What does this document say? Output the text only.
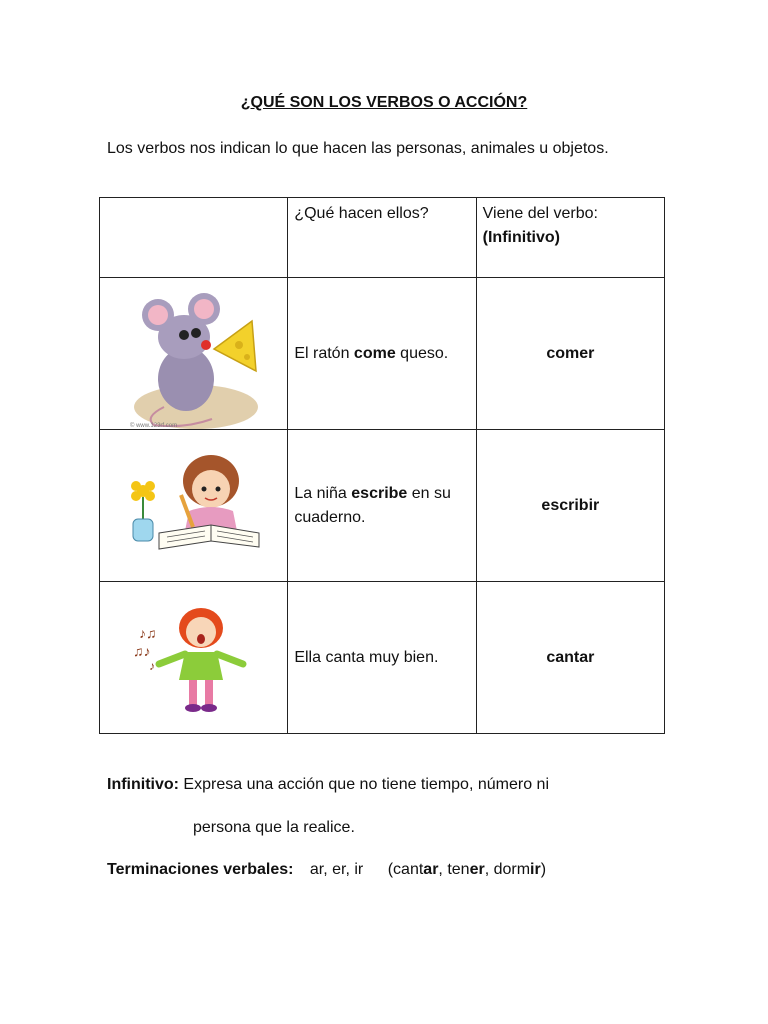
¿QUÉ SON LOS VERBOS O ACCIÓN?
Los verbos nos indican lo que hacen las personas, animales u objetos.
	¿Qué hacen ellos?	Viene del verbo:
(Infinitivo)

© www.123rf.com	El ratón come queso.	comer

	La niña escribe en su cuaderno.	escribir

♪♫
♫♪
♪	Ella canta muy bien.	cantar
Infinitivo: Expresa una acción que no tiene tiempo, número ni
persona que la realice.
Terminaciones verbales: ar, er, ir (cantar, tener, dormir)
